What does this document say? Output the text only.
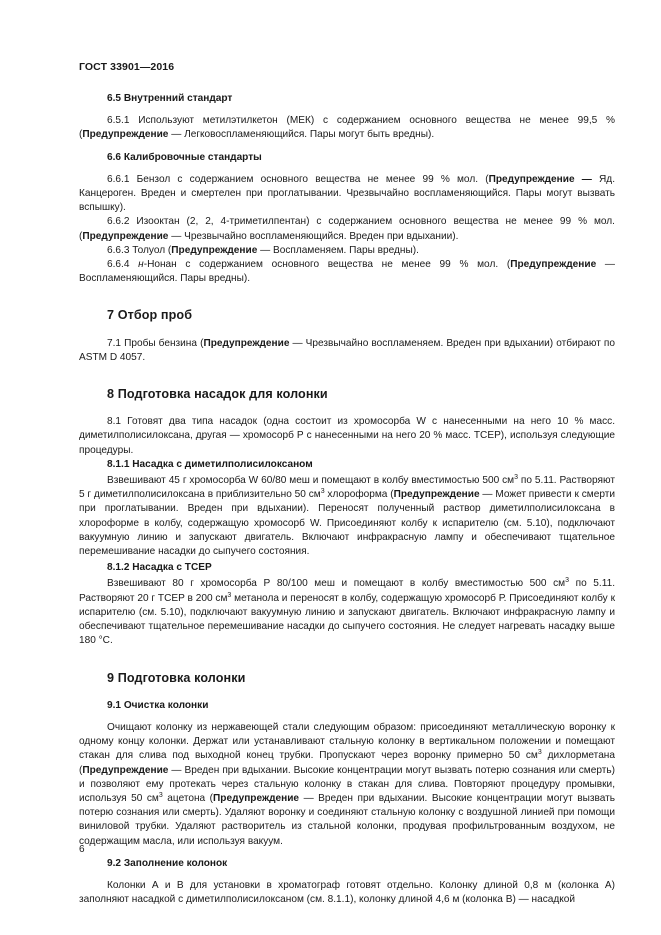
ГОСТ 33901—2016

6.5 Внутренний стандарт

6.5.1 Используют метилэтилкетон (МЕК) с содержанием основного вещества не менее 99,5 % (Предупреждение — Легковоспламеняющийся. Пары могут быть вредны).

6.6 Калибровочные стандарты

6.6.1 Бензол с содержанием основного вещества не менее 99 % мол. (Предупреждение — Яд. Канцероген. Вреден и смертелен при проглатывании. Чрезвычайно воспламеняющийся. Пары могут вызвать вспышку).

6.6.2 Изооктан (2, 2, 4-триметилпентан) с содержанием основного вещества не менее 99 % мол. (Предупреждение — Чрезвычайно воспламеняющийся. Вреден при вдыхании).

6.6.3 Толуол (Предупреждение — Воспламеняем. Пары вредны).

6.6.4 н-Нонан с содержанием основного вещества не менее 99 % мол. (Предупреждение — Воспламеняющийся. Пары вредны).

7 Отбор проб

7.1 Пробы бензина (Предупреждение — Чрезвычайно воспламеняем. Вреден при вдыхании) отбирают по ASTM D 4057.

8 Подготовка насадок для колонки

8.1 Готовят два типа насадок (одна состоит из хромосорба W с нанесенными на него 10 % масс. диметилполисилоксана, другая — хромосорб Р с нанесенными на него 20 % масс. TCEP), используя следующие процедуры.

8.1.1 Насадка с диметилполисилоксаном

Взвешивают 45 г хромосорба W 60/80 меш и помещают в колбу вместимостью 500 $см^3$ по 5.11. Растворяют 5 г диметилполисилоксана в приблизительно 50 $см^3$ хлороформа (Предупреждение — Может привести к смерти при проглатывании. Вреден при вдыхании). Переносят полученный раствор диметилполисилоксана в хлороформе в колбу, содержащую хромосорб W. Присоединяют колбу к испарителю (см. 5.10), подключают вакуумную линию и запускают двигатель. Включают инфракрасную лампу и обеспечивают тщательное перемешивание насадки до сыпучего состояния.

8.1.2 Насадка с TCEP

Взвешивают 80 г хромосорба Р 80/100 меш и помещают в колбу вместимостью 500 $см^3$ по 5.11. Растворяют 20 г TCEP в 200 $см^3$ метанола и переносят в колбу, содержащую хромосорб Р. Присоединяют колбу к испарителю (см. 5.10), подключают вакуумную линию и запускают двигатель. Включают инфракрасную лампу и обеспечивают тщательное перемешивание насадки до сыпучего состояния. Не следует нагревать насадку выше 180 °С.

9 Подготовка колонки

9.1 Очистка колонки

Очищают колонку из нержавеющей стали следующим образом: присоединяют металлическую воронку к одному концу колонки. Держат или устанавливают стальную колонку в вертикальном положении и помещают стакан для слива под выходной конец трубки. Пропускают через воронку примерно 50 $см^3$ дихлорметана (Предупреждение — Вреден при вдыхании. Высокие концентрации могут вызвать потерю сознания или смерть) и позволяют ему протекать через стальную колонку в стакан для слива. Повторяют процедуру промывки, используя 50 $см^3$ ацетона (Предупреждение — Вреден при вдыхании. Высокие концентрации могут вызвать потерю сознания или смерть). Удаляют воронку и соединяют стальную колонку с воздушной линией при помощи виниловой трубки. Удаляют растворитель из стальной колонки, продувая профильтрованным воздухом, не содержащим масла, или используя вакуум.

9.2 Заполнение колонок

Колонки А и В для установки в хроматограф готовят отдельно. Колонку длиной 0,8 м (колонка А) заполняют насадкой с диметилполисилоксаном (см. 8.1.1), колонку длиной 4,6 м (колонка В) — насадкой

6
